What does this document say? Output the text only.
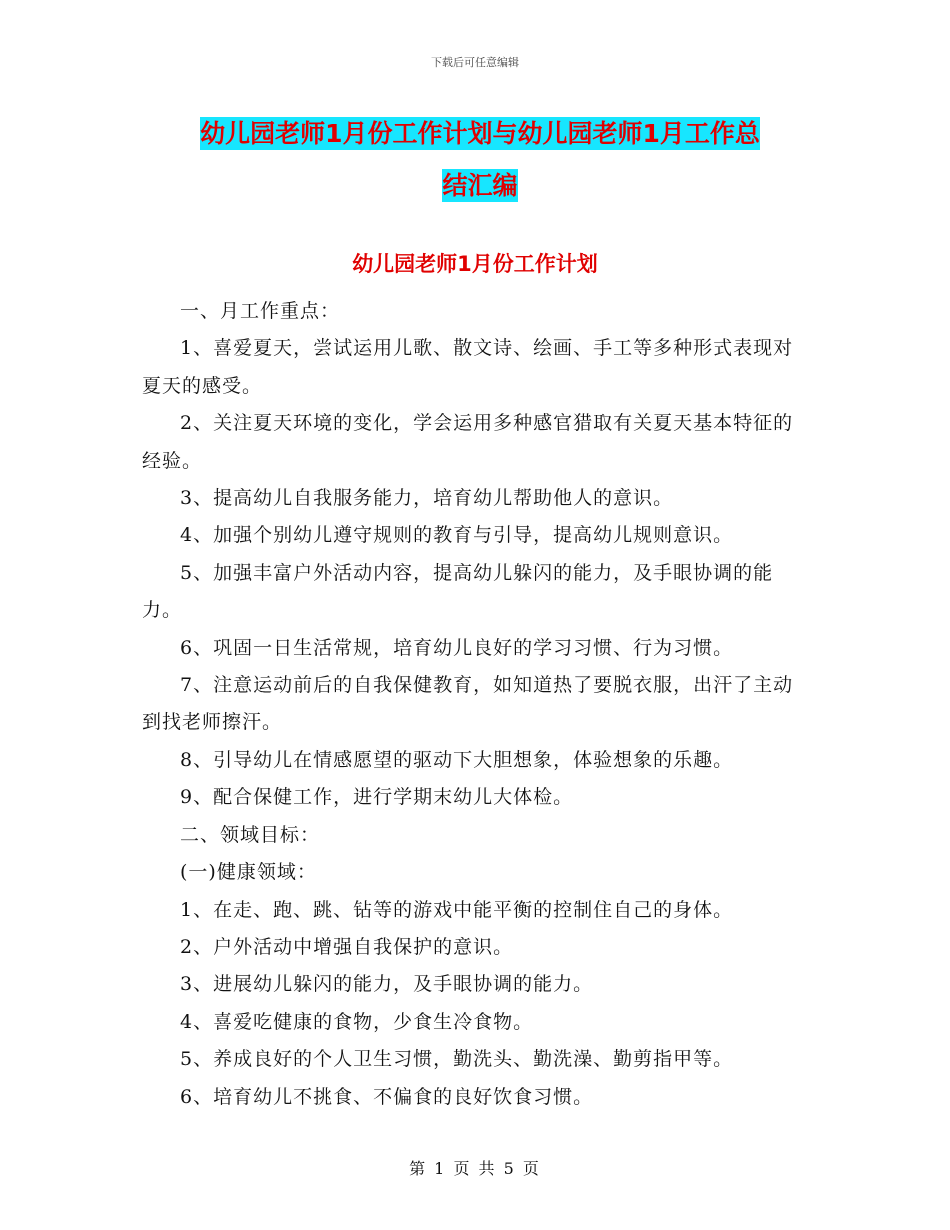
下载后可任意编辑
幼儿园老师1月份工作计划与幼儿园老师1月工作总
结汇编
幼儿园老师1月份工作计划

一、月工作重点：

1、喜爱夏天，尝试运用儿歌、散文诗、绘画、手工等多种形式表现对夏天的感受。

2、关注夏天环境的变化，学会运用多种感官猎取有关夏天基本特征的经验。

3、提高幼儿自我服务能力，培育幼儿帮助他人的意识。

4、加强个别幼儿遵守规则的教育与引导，提高幼儿规则意识。

5、加强丰富户外活动内容，提高幼儿躲闪的能力，及手眼协调的能力。

6、巩固一日生活常规，培育幼儿良好的学习习惯、行为习惯。

7、注意运动前后的自我保健教育，如知道热了要脱衣服，出汗了主动到找老师擦汗。

8、引导幼儿在情感愿望的驱动下大胆想象，体验想象的乐趣。

9、配合保健工作，进行学期末幼儿大体检。

二、领域目标：

(一)健康领域：

1、在走、跑、跳、钻等的游戏中能平衡的控制住自己的身体。

2、户外活动中增强自我保护的意识。

3、进展幼儿躲闪的能力，及手眼协调的能力。

4、喜爱吃健康的食物，少食生冷食物。

5、养成良好的个人卫生习惯，勤洗头、勤洗澡、勤剪指甲等。

6、培育幼儿不挑食、不偏食的良好饮食习惯。

第 1 页 共 5 页
